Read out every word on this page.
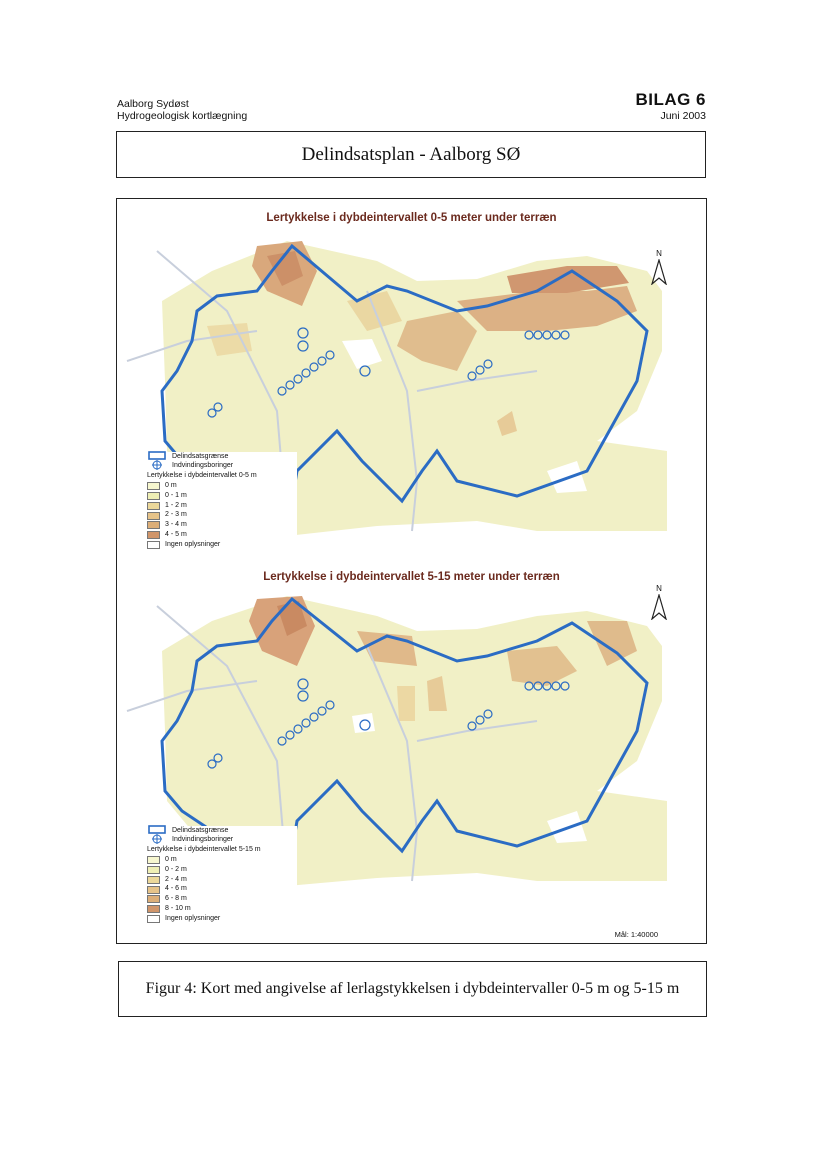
Aalborg Sydøst
Hydrogeologisk kortlægning
BILAG 6
Juni 2003
Delindsatsplan - Aalborg SØ
Lertykkelse i dybdeintervallet 0-5 meter under terræn
N
Delindsatsgrænse
Indvindingsboringer
Lertykkelse i dybdeintervallet 0-5 m
0 m
0 - 1 m
1 - 2 m
2 - 3 m
3 - 4 m
4 - 5 m
Ingen oplysninger
Lertykkelse i dybdeintervallet 5-15 meter under terræn
N
Delindsatsgrænse
Indvindingsboringer
Lertykkelse i dybdeintervallet 5-15 m
0 m
0 - 2 m
2 - 4 m
4 - 6 m
6 - 8 m
8 - 10 m
Ingen oplysninger
Mål: 1:40000
Figur 4: Kort med angivelse af lerlagstykkelsen i dybdeintervaller 0-5 m og 5-15 m
